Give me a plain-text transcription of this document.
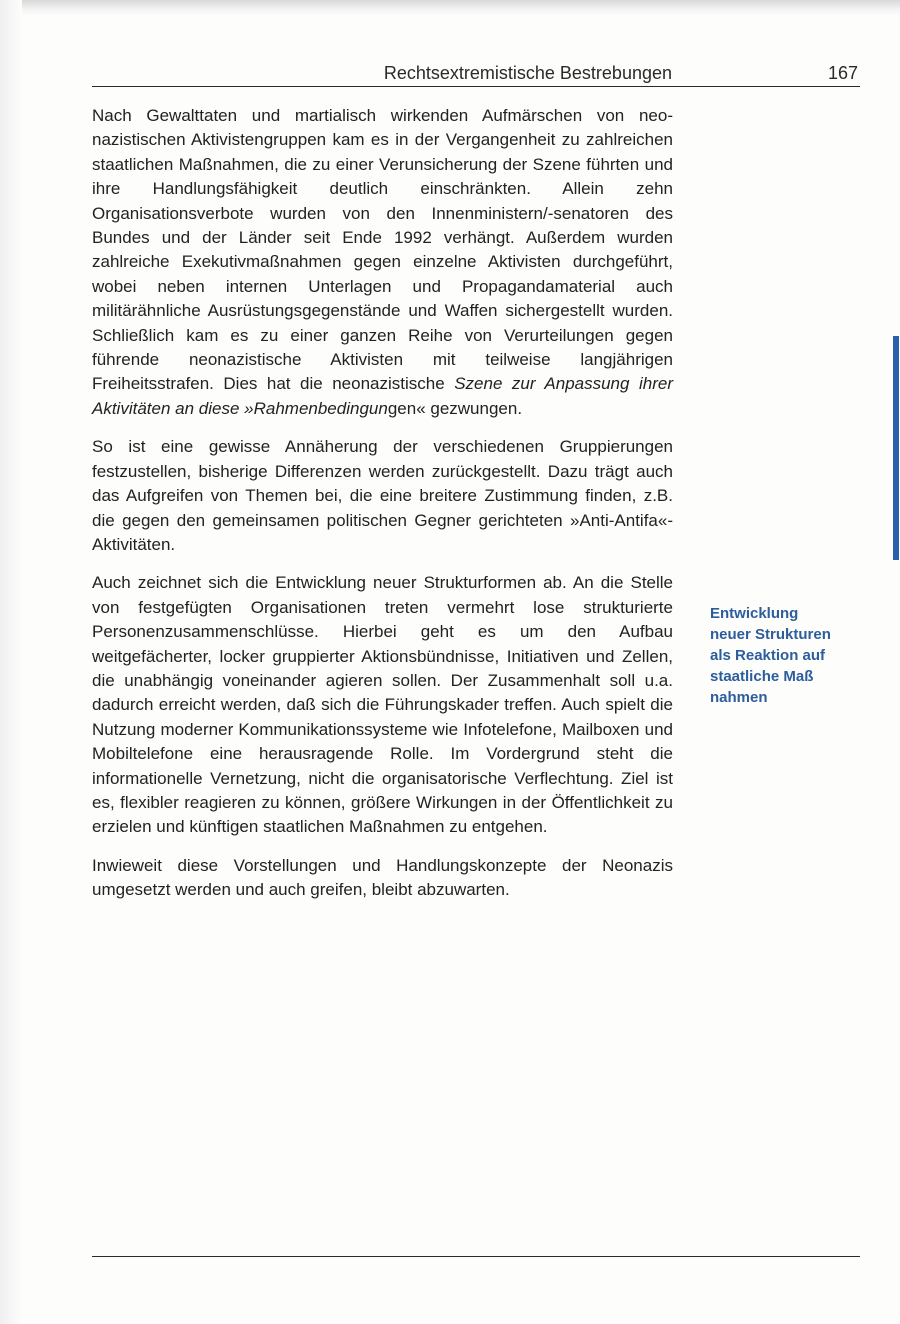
Rechtsextremistische Bestrebungen	167

Nach Gewalttaten und martialisch wirkenden Aufmärschen von neonazistischen Aktivistengruppen kam es in der Vergangenheit zu zahlreichen staatlichen Maßnahmen, die zu einer Verunsicherung der Szene führten und ihre Handlungsfähigkeit deutlich einschränkten. Allein zehn Organisationsverbote wurden von den Innenministern/-senatoren des Bundes und der Länder seit Ende 1992 verhängt. Außerdem wurden zahlreiche Exekutivmaßnahmen gegen einzelne Aktivisten durchgeführt, wobei neben internen Unterlagen und Propagandamaterial auch militärähnliche Ausrüstungsgegenstände und Waffen sichergestellt wurden. Schließlich kam es zu einer ganzen Reihe von Verurteilungen gegen führende neonazistische Aktivisten mit teilweise langjährigen Freiheitsstrafen. Dies hat die neonazistische Szene zur Anpassung ihrer Aktivitäten an diese »Rahmenbedingungen« gezwungen.

So ist eine gewisse Annäherung der verschiedenen Gruppierungen festzustellen, bisherige Differenzen werden zurückgestellt. Dazu trägt auch das Aufgreifen von Themen bei, die eine breitere Zustimmung finden, z.B. die gegen den gemeinsamen politischen Gegner gerichteten »Anti-Antifa«-Aktivitäten.

Auch zeichnet sich die Entwicklung neuer Strukturformen ab. An die Stelle von festgefügten Organisationen treten vermehrt lose strukturierte Personenzusammenschlüsse. Hierbei geht es um den Aufbau weitgefächerter, locker gruppierter Aktionsbündnisse, Initiativen und Zellen, die unabhängig voneinander agieren sollen. Der Zusammenhalt soll u.a. dadurch erreicht werden, daß sich die Führungskader treffen. Auch spielt die Nutzung moderner Kommunikationssysteme wie Infotelefone, Mailboxen und Mobiltelefone eine herausragende Rolle. Im Vordergrund steht die informationelle Vernetzung, nicht die organisatorische Verflechtung. Ziel ist es, flexibler reagieren zu können, größere Wirkungen in der Öffentlichkeit zu erzielen und künftigen staatlichen Maßnahmen zu entgehen.

Inwieweit diese Vorstellungen und Handlungskonzepte der Neonazis umgesetzt werden und auch greifen, bleibt abzuwarten.

Entwicklung
neuer Strukturen
als Reaktion auf
staatliche Maß
nahmen
